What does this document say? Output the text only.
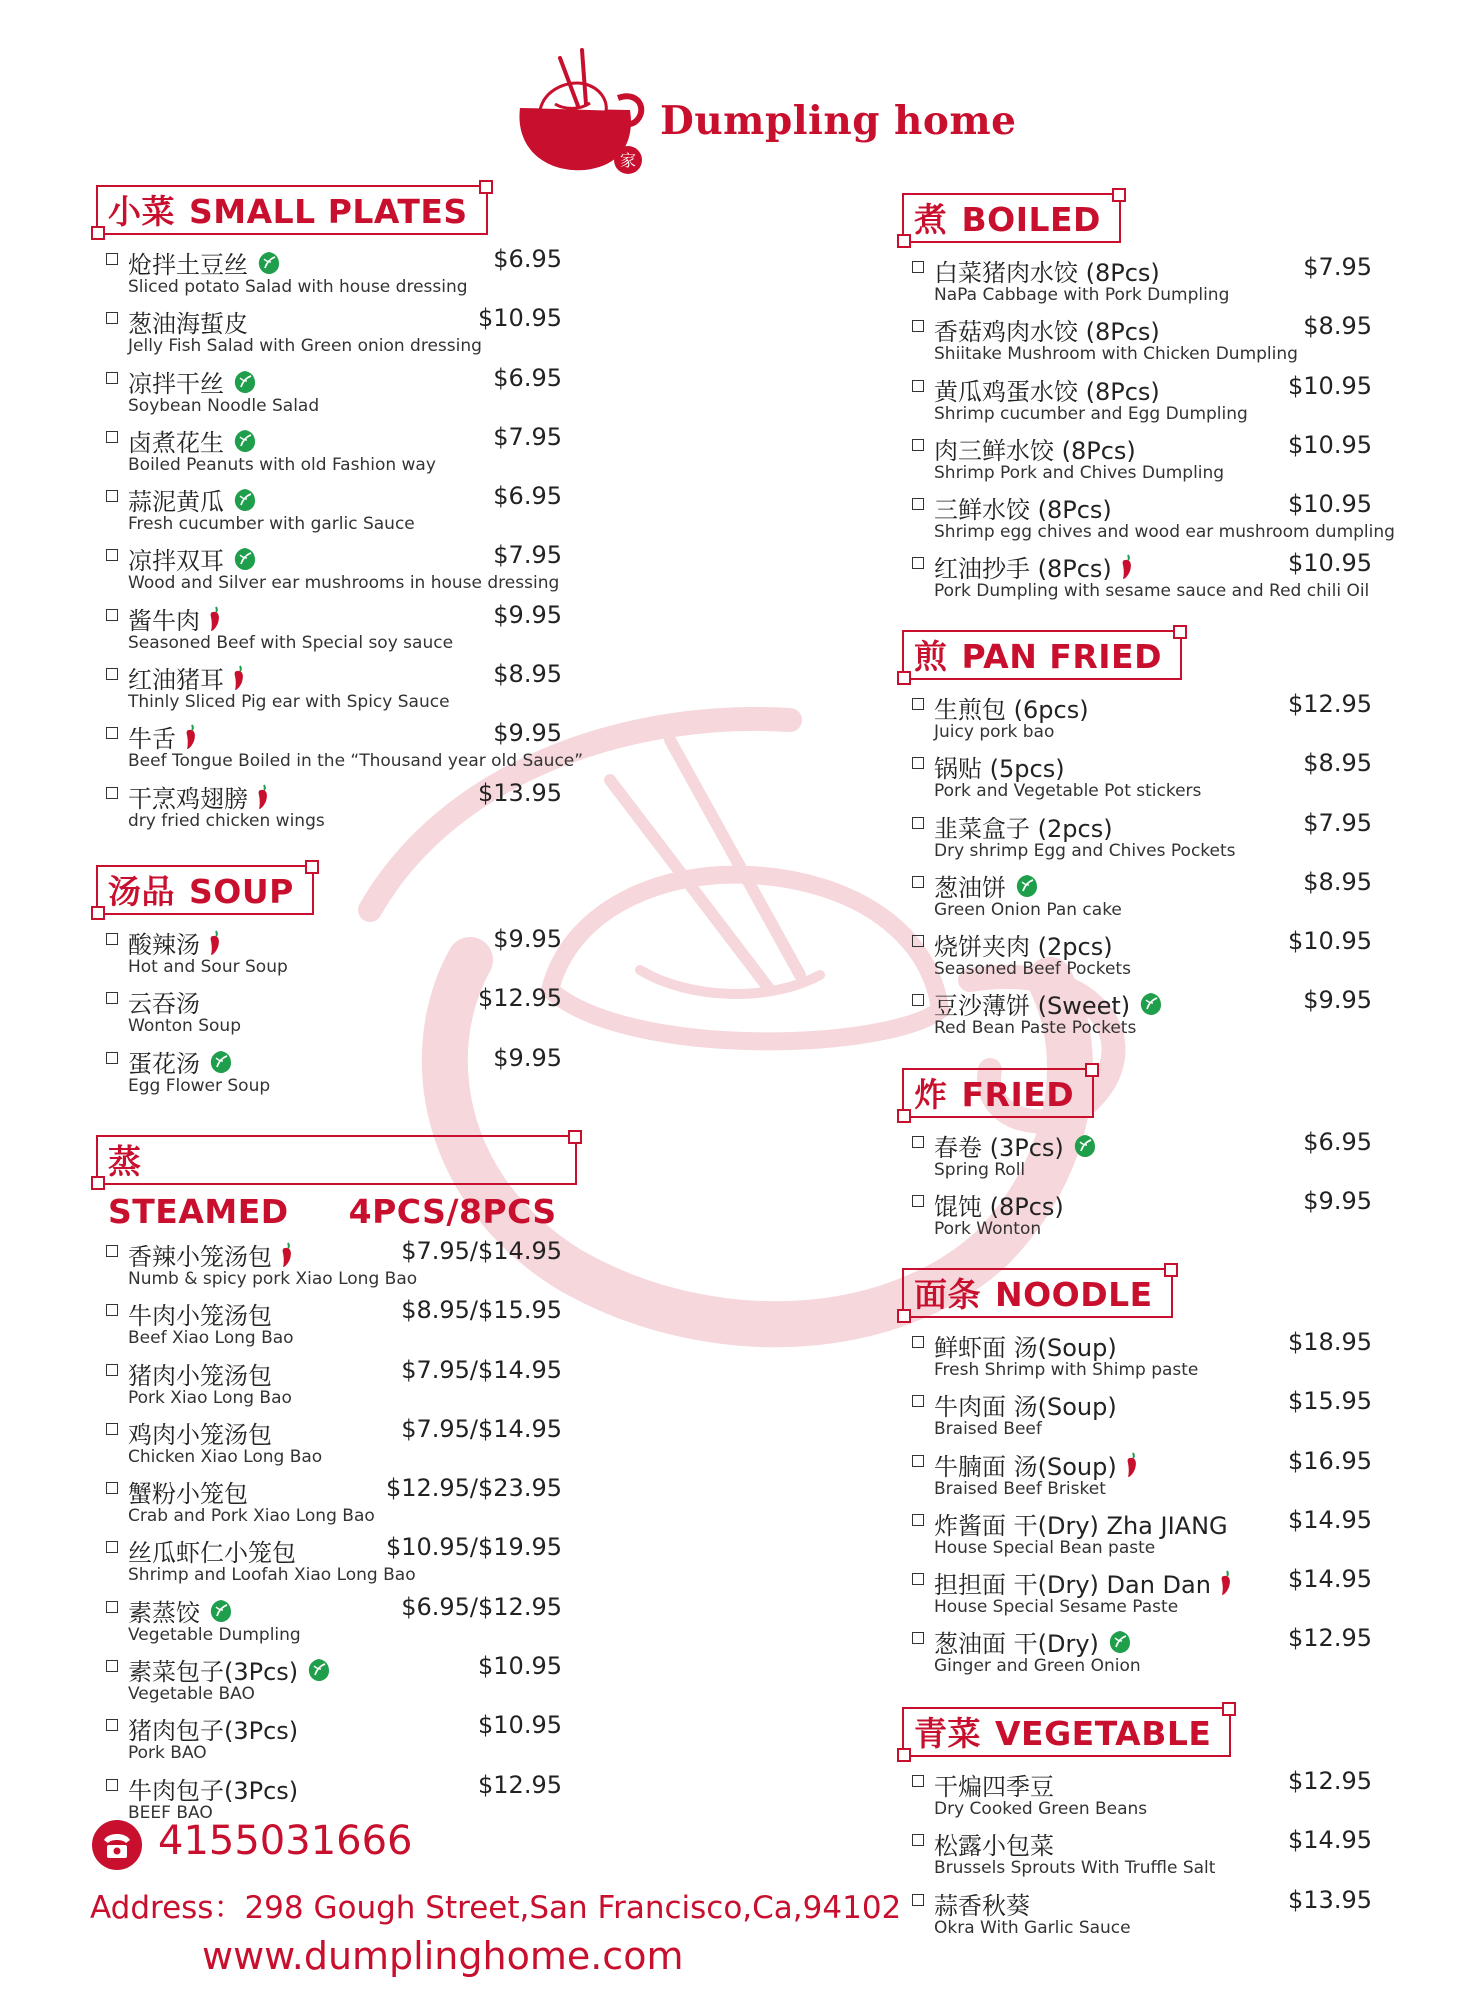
家
Dumpling home
小菜 SMALL PLATES
炝拌土豆丝	$6.95
Sliced potato Salad with house dressing
葱油海蜇皮	$10.95
Jelly Fish Salad with Green onion dressing
凉拌干丝	$6.95
Soybean Noodle Salad
卤煮花生	$7.95
Boiled Peanuts with old Fashion way
蒜泥黄瓜	$6.95
Fresh cucumber with garlic Sauce
凉拌双耳	$7.95
Wood and Silver ear mushrooms in house dressing
酱牛肉	$9.95
Seasoned Beef with Special soy sauce
红油猪耳	$8.95
Thinly Sliced Pig ear with Spicy Sauce
牛舌	$9.95
Beef Tongue Boiled in the “Thousand year old Sauce”
干烹鸡翅膀	$13.95
dry fried chicken wings
汤品 SOUP
酸辣汤	$9.95
Hot and Sour Soup
云吞汤	$12.95
Wonton Soup
蛋花汤	$9.95
Egg Flower Soup
蒸STEAMED 4PCS/8PCS
香辣小笼汤包	$7.95/$14.95
Numb & spicy pork Xiao Long Bao
牛肉小笼汤包	$8.95/$15.95
Beef Xiao Long Bao
猪肉小笼汤包	$7.95/$14.95
Pork Xiao Long Bao
鸡肉小笼汤包	$7.95/$14.95
Chicken Xiao Long Bao
蟹粉小笼包	$12.95/$23.95
Crab and Pork Xiao Long Bao
丝瓜虾仁小笼包	$10.95/$19.95
Shrimp and Loofah Xiao Long Bao
素蒸饺	$6.95/$12.95
Vegetable Dumpling
素菜包子(3Pcs)	$10.95
Vegetable BAO
猪肉包子(3Pcs)	$10.95
Pork BAO
牛肉包子(3Pcs)	$12.95
BEEF BAO
煮 BOILED
白菜猪肉水饺 (8Pcs)	$7.95
NaPa Cabbage with Pork Dumpling
香菇鸡肉水饺 (8Pcs)	$8.95
Shiitake Mushroom with Chicken Dumpling
黄瓜鸡蛋水饺 (8Pcs)	$10.95
Shrimp cucumber and Egg Dumpling
肉三鲜水饺 (8Pcs)	$10.95
Shrimp Pork and Chives Dumpling
三鲜水饺 (8Pcs)	$10.95
Shrimp egg chives and wood ear mushroom dumpling
红油抄手 (8Pcs)	$10.95
Pork Dumpling with sesame sauce and Red chili Oil
煎 PAN FRIED
生煎包 (6pcs)	$12.95
Juicy pork bao
锅贴 (5pcs)	$8.95
Pork and Vegetable Pot stickers
韭菜盒子 (2pcs)	$7.95
Dry shrimp Egg and Chives Pockets
葱油饼	$8.95
Green Onion Pan cake
烧饼夹肉 (2pcs)	$10.95
Seasoned Beef Pockets
豆沙薄饼 (Sweet)	$9.95
Red Bean Paste Pockets
炸 FRIED
春卷 (3Pcs)	$6.95
Spring Roll
馄饨 (8Pcs)	$9.95
Pork Wonton
面条 NOODLE
鲜虾面 汤(Soup)	$18.95
Fresh Shrimp with Shimp paste
牛肉面 汤(Soup)	$15.95
Braised Beef
牛腩面 汤(Soup)	$16.95
Braised Beef Brisket
炸酱面 干(Dry) Zha JIANG	$14.95
House Special Bean paste
担担面 干(Dry) Dan Dan	$14.95
House Special Sesame Paste
葱油面 干(Dry)	$12.95
Ginger and Green Onion
青菜 VEGETABLE
干煸四季豆	$12.95
Dry Cooked Green Beans
松露小包菜	$14.95
Brussels Sprouts With Truffle Salt
蒜香秋葵	$13.95
Okra With Garlic Sauce
4155031666
Address：298 Gough Street,San Francisco,Ca,94102
www.dumplinghome.com
